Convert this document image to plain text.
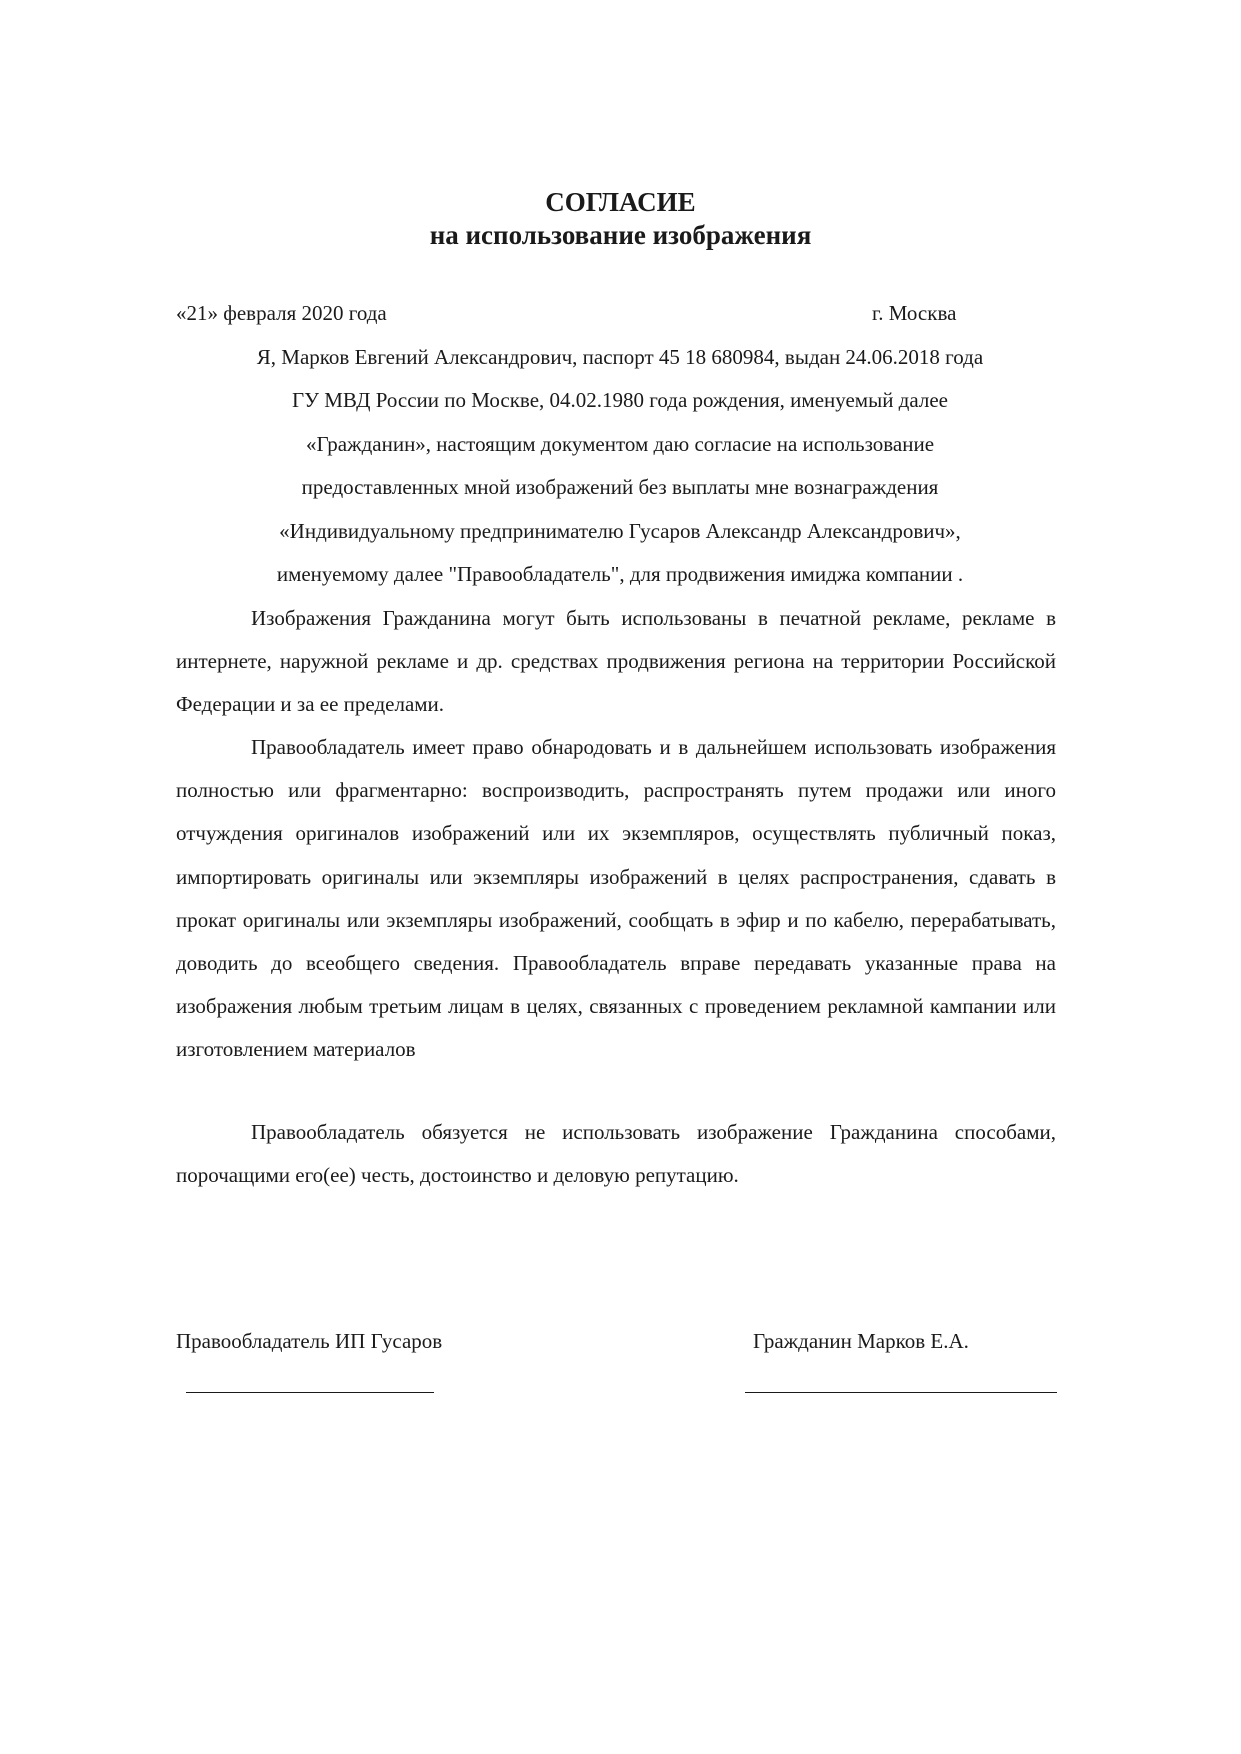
СОГЛАСИЕ
на использование изображения
«21» февраля 2020 года	г. Москва
Я, Марков Евгений Александрович, паспорт 45 18 680984, выдан 24.06.2018 года
ГУ МВД России по Москве, 04.02.1980 года рождения, именуемый далее
«Гражданин», настоящим документом даю согласие на использование
предоставленных мной изображений без выплаты мне вознаграждения
«Индивидуальному предпринимателю Гусаров Александр Александрович»,
именуемому далее "Правообладатель", для продвижения имиджа компании .

Изображения Гражданина могут быть использованы в печатной рекламе, рекламе в интернете, наружной рекламе и др. средствах продвижения региона на территории Российской Федерации и за ее пределами.

Правообладатель имеет право обнародовать и в дальнейшем использовать изображения полностью или фрагментарно: воспроизводить, распространять путем продажи или иного отчуждения оригиналов изображений или их экземпляров, осуществлять публичный показ, импортировать оригиналы или экземпляры изображений в целях распространения, сдавать в прокат оригиналы или экземпляры изображений, сообщать в эфир и по кабелю, перерабатывать, доводить до всеобщего сведения. Правообладатель вправе передавать указанные права на изображения любым третьим лицам в целях, связанных с проведением рекламной кампании или изготовлением материалов

Правообладатель обязуется не использовать изображение Гражданина способами, порочащими его(ее) честь, достоинство и деловую репутацию.

Правообладатель ИП Гусаров	Гражданин Марков Е.А.
